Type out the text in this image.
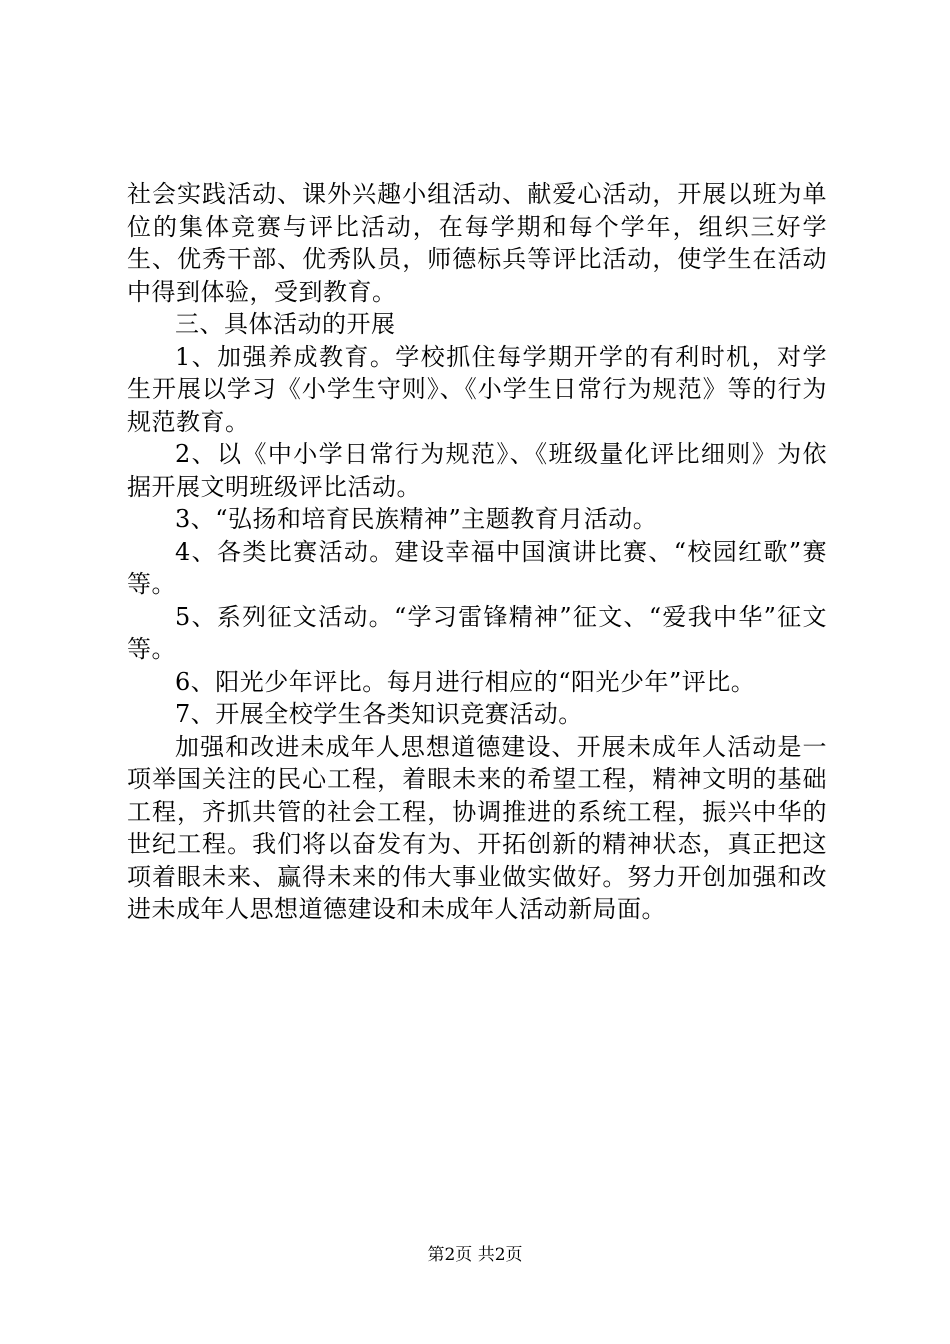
社会实践活动、课外兴趣小组活动、献爱心活动，开展以班为单位的集体竞赛与评比活动，在每学期和每个学年，组织三好学生、优秀干部、优秀队员，师德标兵等评比活动，使学生在活动中得到体验，受到教育。

三、具体活动的开展

1、加强养成教育。学校抓住每学期开学的有利时机，对学生开展以学习《小学生守则》、《小学生日常行为规范》等的行为规范教育。

2、以《中小学日常行为规范》、《班级量化评比细则》为依据开展文明班级评比活动。

3、“弘扬和培育民族精神”主题教育月活动。

4、各类比赛活动。建设幸福中国演讲比赛、“校园红歌”赛等。

5、系列征文活动。“学习雷锋精神”征文、“爱我中华”征文等。

6、阳光少年评比。每月进行相应的“阳光少年”评比。

7、开展全校学生各类知识竞赛活动。

加强和改进未成年人思想道德建设、开展未成年人活动是一项举国关注的民心工程，着眼未来的希望工程，精神文明的基础工程，齐抓共管的社会工程，协调推进的系统工程，振兴中华的世纪工程。我们将以奋发有为、开拓创新的精神状态，真正把这项着眼未来、赢得未来的伟大事业做实做好。努力开创加强和改进未成年人思想道德建设和未成年人活动新局面。

第2页 共2页
